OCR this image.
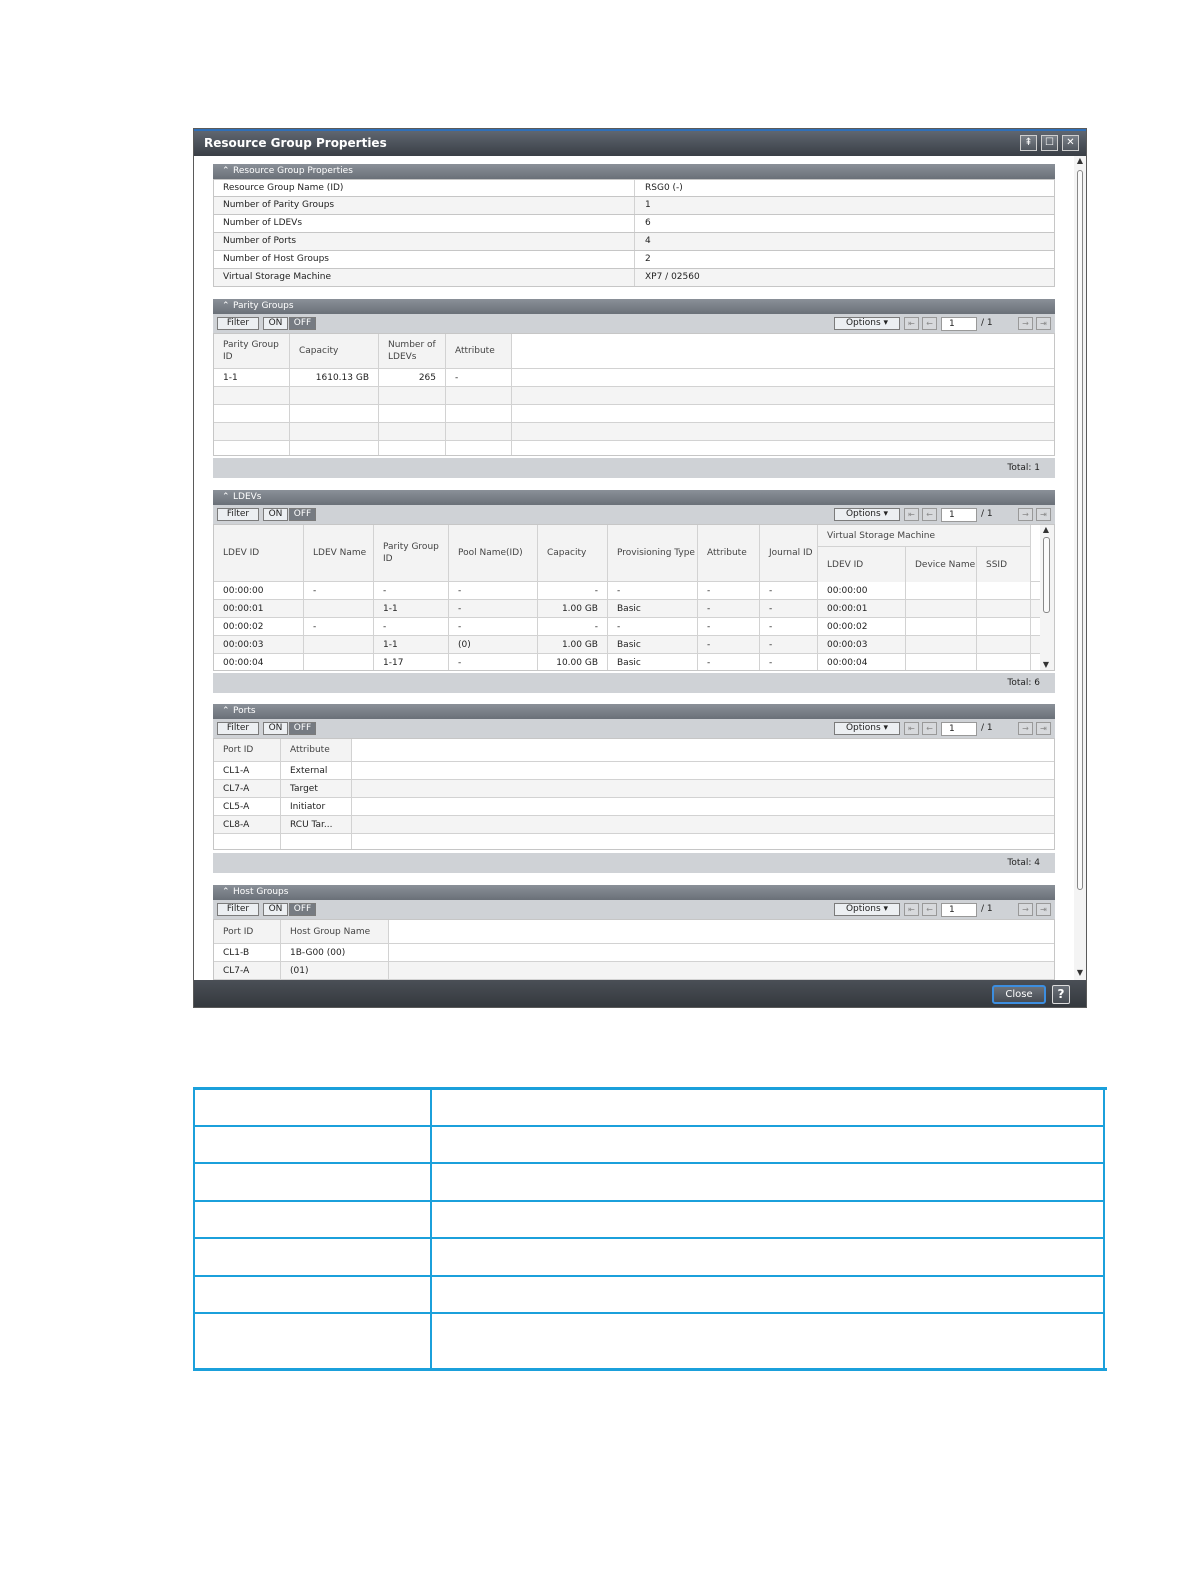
Resource Group Properties	⇞	☐	✕
⌃ Resource Group Properties
Resource Group Name (ID)	RSG0 (-)
Number of Parity Groups	1
Number of LDEVs	6
Number of Ports	4
Number of Host Groups	2
Virtual Storage Machine	XP7 / 02560
⌃ Parity Groups
Filter	ON	OFF	Options ▾	⇤	←	1	/ 1	→	⇥
Parity Group ID
Capacity
Number of LDEVs
Attribute
1-1	1610.13 GB	265	-
Total: 1
⌃ LDEVs
Filter	ON	OFF	Options ▾	⇤	←	1	/ 1	→	⇥
LDEV ID	LDEV Name
Parity Group ID
Pool Name(ID)	Capacity	Provisioning Type	Attribute	Journal ID
Virtual Storage Machine
LDEV ID	Device Name	SSID
00:00:00	-	-	-	-	-	-	-	00:00:00
00:00:01	1-1	-	1.00 GB	Basic	-	-	00:00:01
00:00:02	-	-	-	-	-	-	-	00:00:02
00:00:03	1-1	(0)	1.00 GB	Basic	-	-	00:00:03
00:00:04	1-17	-	10.00 GB	Basic	-	-	00:00:04
▲
▼
Total: 6
⌃ Ports
Filter	ON	OFF	Options ▾	⇤	←	1	/ 1	→	⇥
Port ID	Attribute
CL1-A	External
CL7-A	Target
CL5-A	Initiator
CL8-A	RCU Tar...
Total: 4
⌃ Host Groups
Filter	ON	OFF	Options ▾	⇤	←	1	/ 1	→	⇥
Port ID	Host Group Name
CL1-B	1B-G00 (00)
CL7-A	(01)
▲
▼
Close	?
